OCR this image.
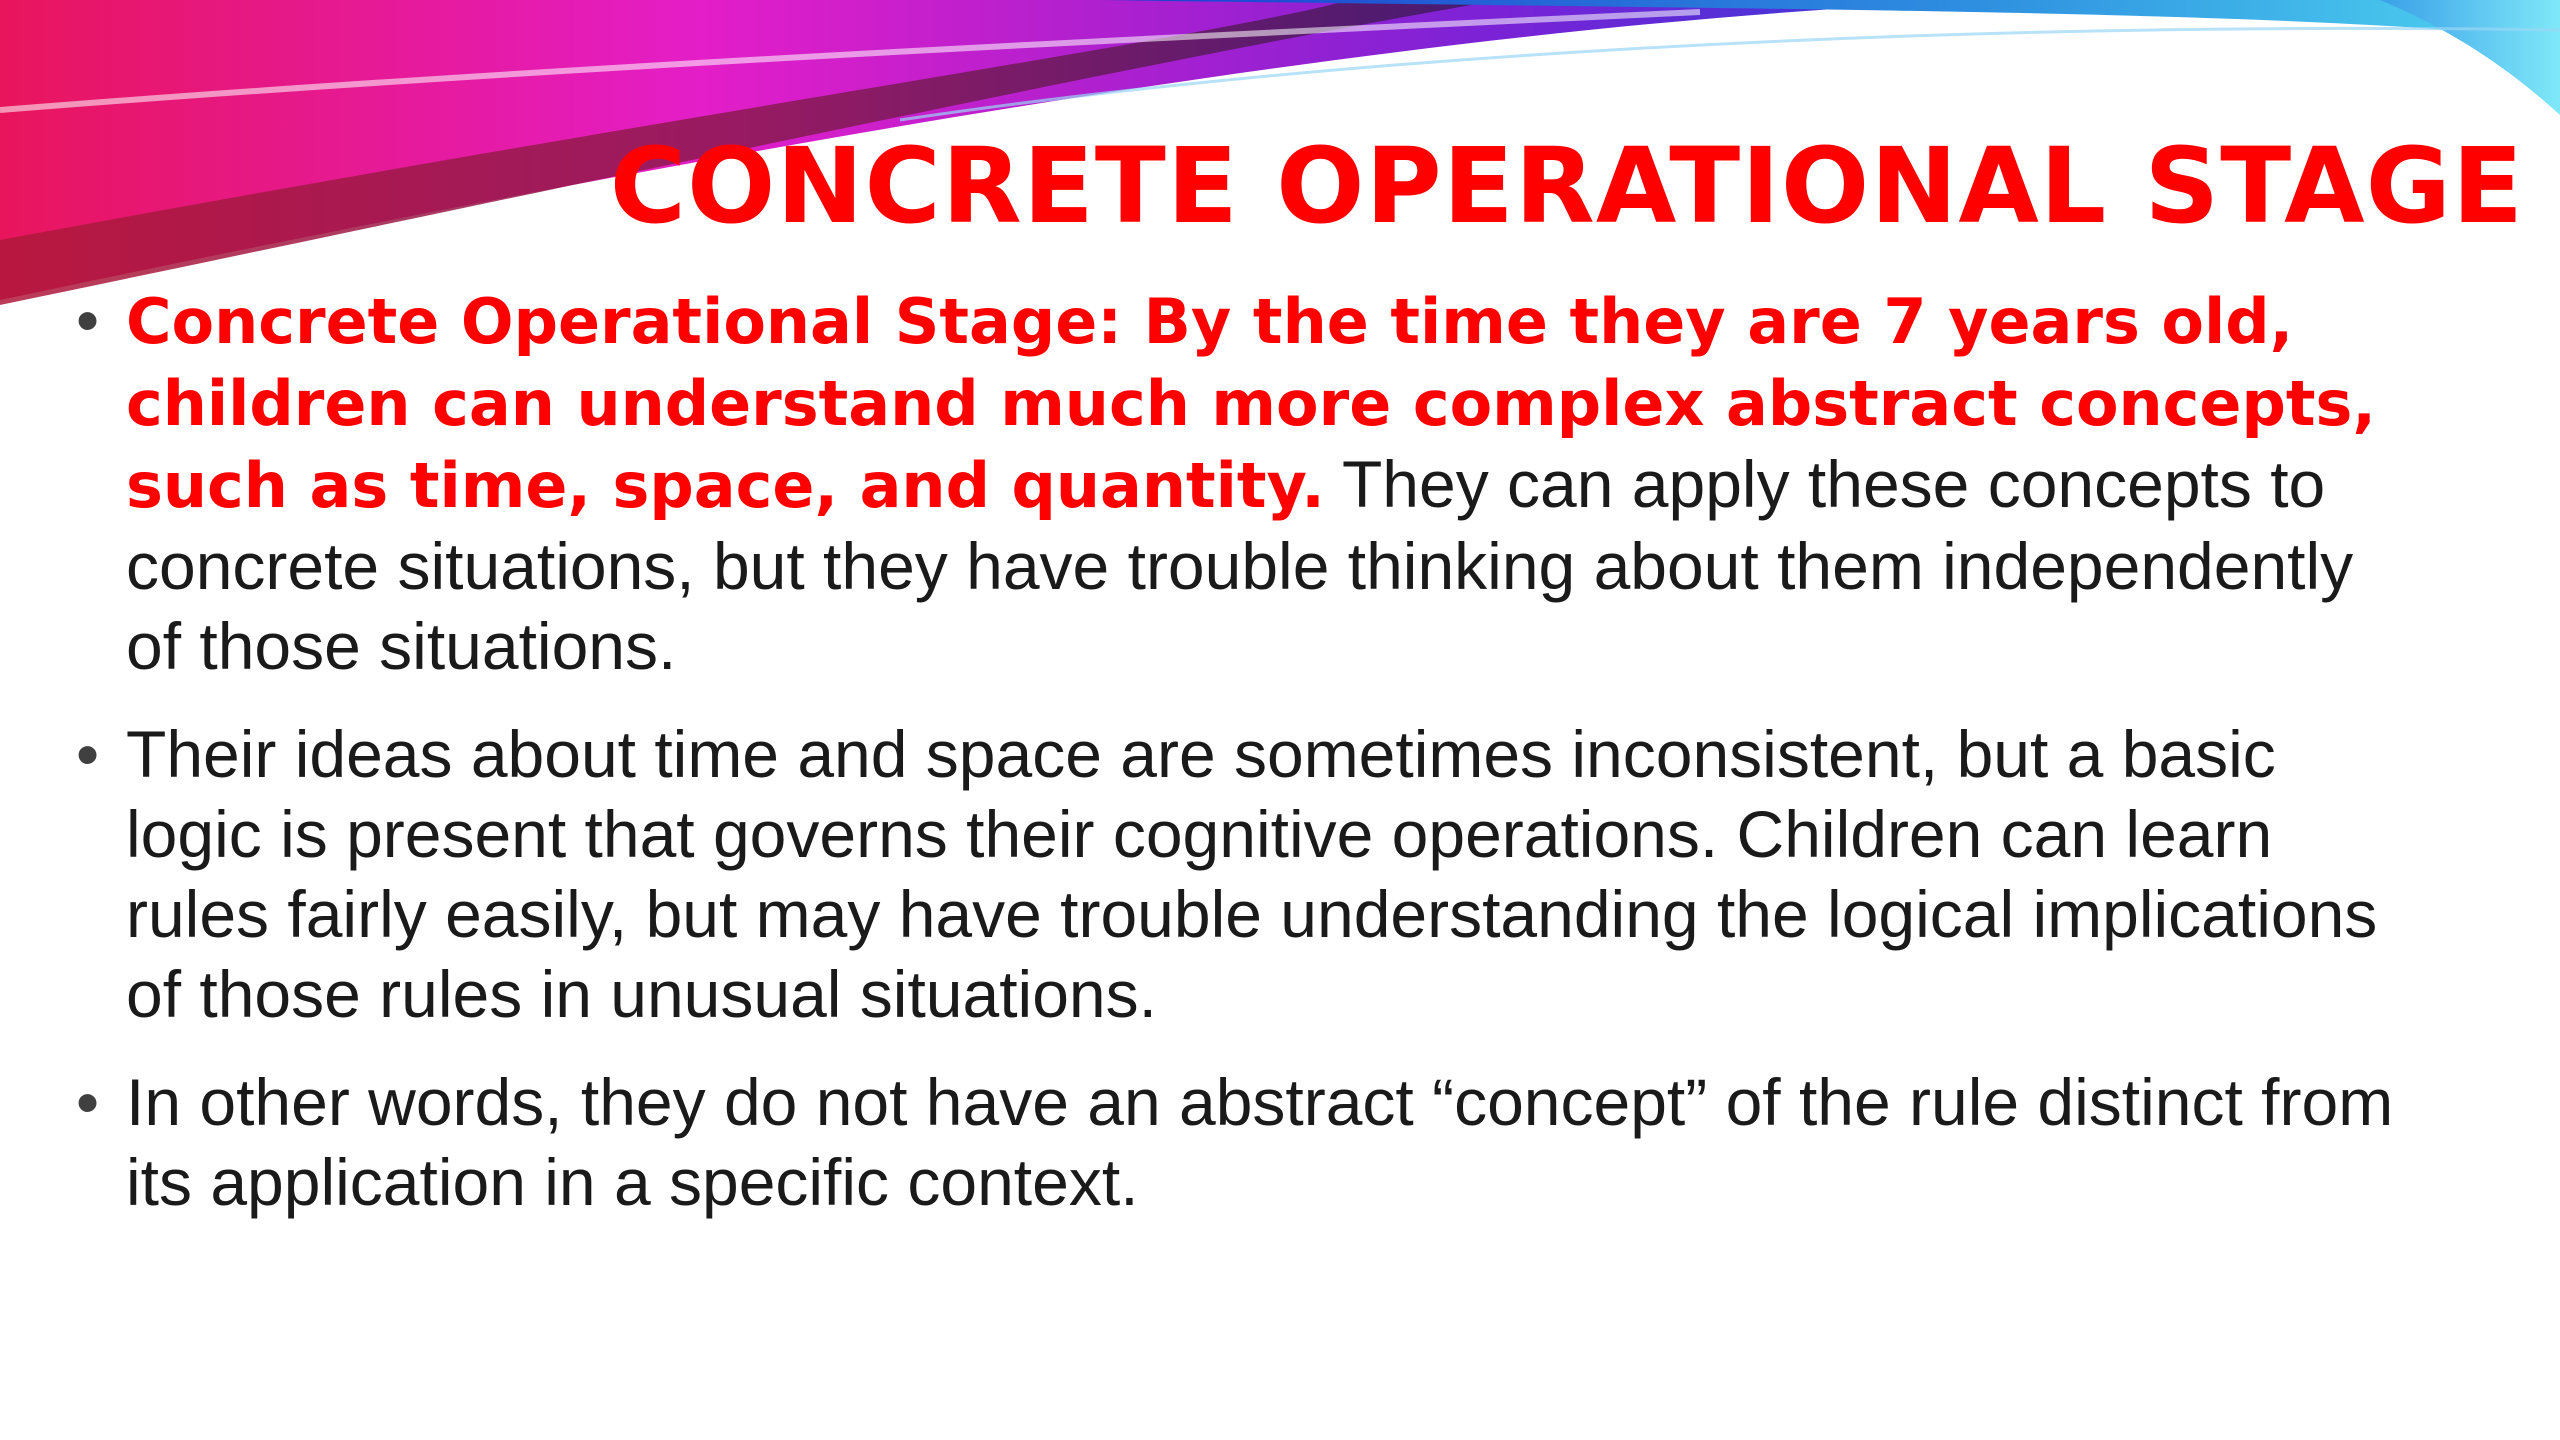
CONCRETE OPERATIONAL STAGE
• Concrete Operational Stage: By the time they are 7 years old, children can understand much more complex abstract concepts, such as time, space, and quantity. They can apply these concepts to concrete situations, but they have trouble thinking about them independently of those situations.
• Their ideas about time and space are sometimes inconsistent, but a basic logic is present that governs their cognitive operations. Children can learn rules fairly easily, but may have trouble understanding the logical implications of those rules in unusual situations.
• In other words, they do not have an abstract “concept” of the rule distinct from its application in a specific context.
